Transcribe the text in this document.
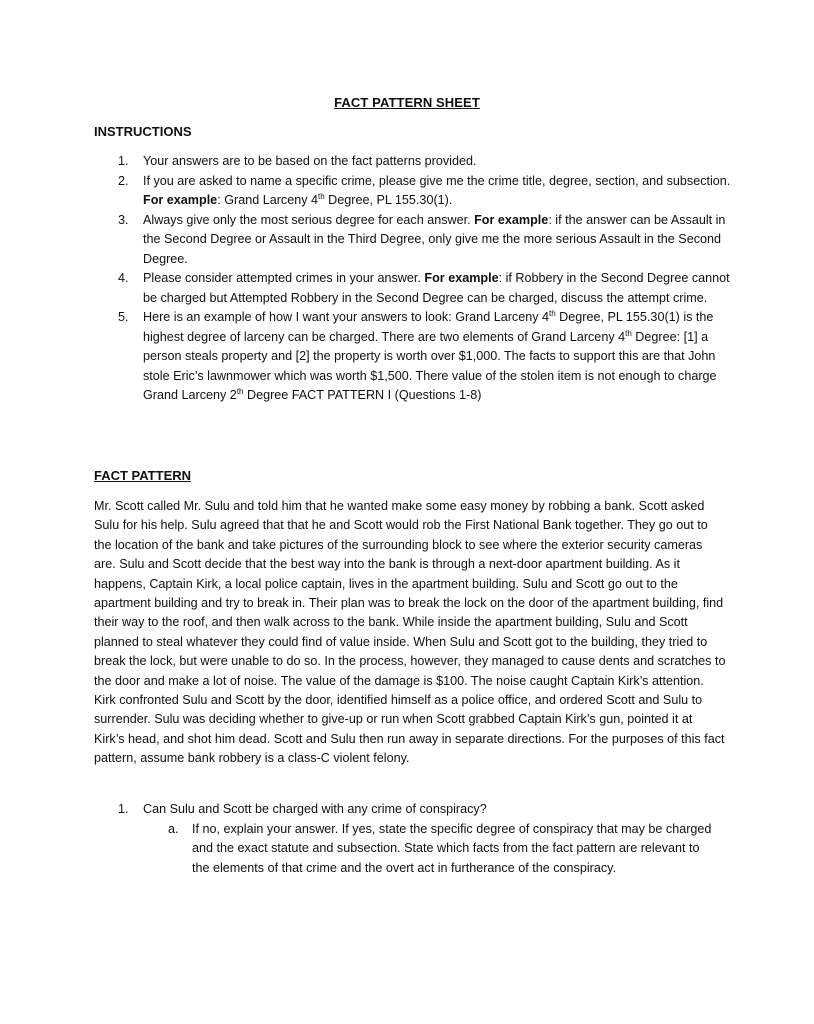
FACT PATTERN SHEET
INSTRUCTIONS
1. Your answers are to be based on the fact patterns provided.
2. If you are asked to name a specific crime, please give me the crime title, degree, section, and subsection. For example: Grand Larceny 4th Degree, PL 155.30(1).
3. Always give only the most serious degree for each answer. For example: if the answer can be Assault in the Second Degree or Assault in the Third Degree, only give me the more serious Assault in the Second Degree.
4. Please consider attempted crimes in your answer. For example: if Robbery in the Second Degree cannot be charged but Attempted Robbery in the Second Degree can be charged, discuss the attempt crime.
5. Here is an example of how I want your answers to look: Grand Larceny 4th Degree, PL 155.30(1) is the highest degree of larceny can be charged. There are two elements of Grand Larceny 4th Degree: [1] a person steals property and [2] the property is worth over $1,000. The facts to support this are that John stole Eric’s lawnmower which was worth $1,500. There value of the stolen item is not enough to charge Grand Larceny 2th Degree FACT PATTERN I (Questions 1-8)
FACT PATTERN

Mr. Scott called Mr. Sulu and told him that he wanted make some easy money by robbing a bank. Scott asked Sulu for his help. Sulu agreed that that he and Scott would rob the First National Bank together. They go out to the location of the bank and take pictures of the surrounding block to see where the exterior security cameras are. Sulu and Scott decide that the best way into the bank is through a next-door apartment building. As it happens, Captain Kirk, a local police captain, lives in the apartment building. Sulu and Scott go out to the apartment building and try to break in. Their plan was to break the lock on the door of the apartment building, find their way to the roof, and then walk across to the bank. While inside the apartment building, Sulu and Scott planned to steal whatever they could find of value inside. When Sulu and Scott got to the building, they tried to break the lock, but were unable to do so. In the process, however, they managed to cause dents and scratches to the door and make a lot of noise. The value of the damage is $100. The noise caught Captain Kirk’s attention. Kirk confronted Sulu and Scott by the door, identified himself as a police office, and ordered Scott and Sulu to surrender. Sulu was deciding whether to give-up or run when Scott grabbed Captain Kirk’s gun, pointed it at Kirk’s head, and shot him dead. Scott and Sulu then run away in separate directions. For the purposes of this fact pattern, assume bank robbery is a class-C violent felony.

1. Can Sulu and Scott be charged with any crime of conspiracy?
a. If no, explain your answer. If yes, state the specific degree of conspiracy that may be charged and the exact statute and subsection. State which facts from the fact pattern are relevant to the elements of that crime and the overt act in furtherance of the conspiracy.
